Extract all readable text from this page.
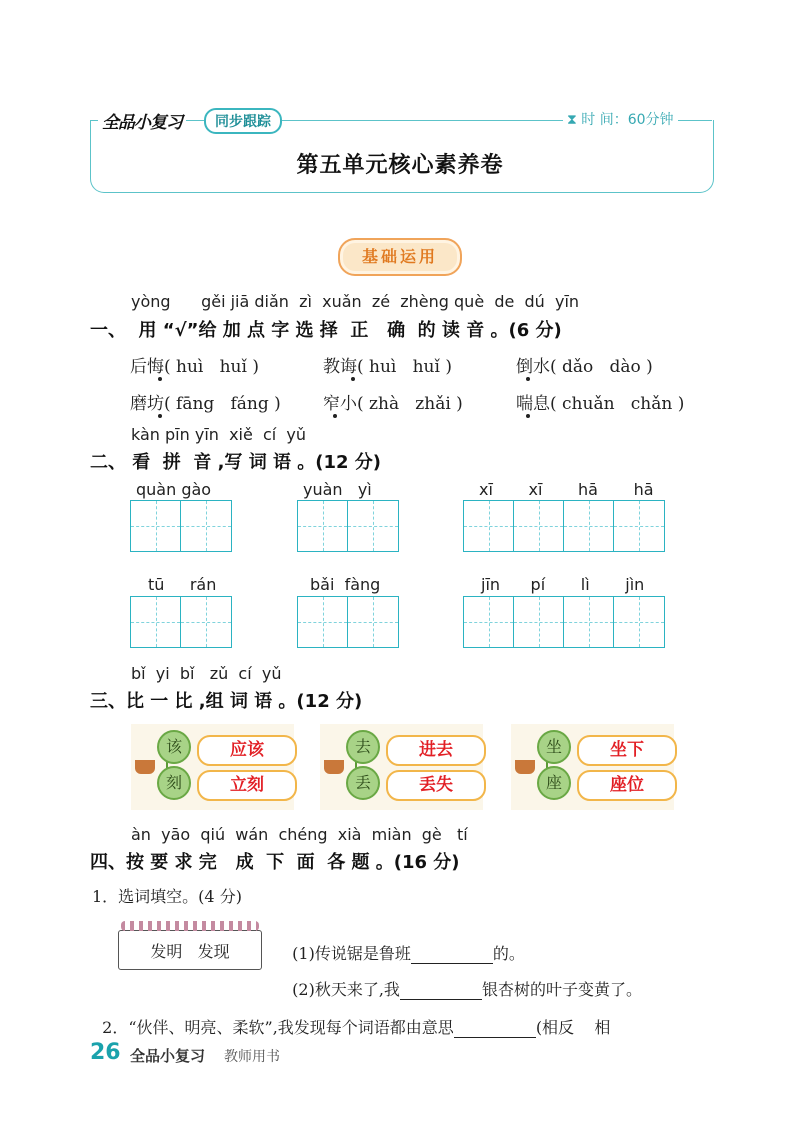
全品小复习	同步跟踪	⧗ 时 间：60分钟
第五单元核心素养卷
基础运用
yòng      gěi jiā diǎn  zì  xuǎn  zé  zhèng què  de  dú  yīn
一、  用 “√”给 加 点 字 选 择  正   确  的 读 音 。(6 分)
后悔( huì   huǐ )	教诲( huì   huǐ )	倒水( dǎo   dào )
磨坊( fāng   fáng ) 窄小( zhà   zhǎi )	喘息( chuǎn   chǎn )
kàn pīn yīn  xiě  cí  yǔ
二、 看  拼  音 ,写 词 语 。(12 分)
quàn gào	yuàn   yì	xī       xī       hā       hā
tū     rán	bǎi  fàng	jīn      pí       lì       jìn
bǐ  yi  bǐ   zǔ  cí  yǔ
三、比 一 比 ,组 词 语 。(12 分)
该
刻
应该
立刻
去
丢
进去
丢失
坐
座
坐下
座位
àn  yāo  qiú  wán  chéng  xià  miàn  gè   tí
四、按 要 求 完   成  下  面  各 题 。(16 分)
1．选词填空。(4 分)
发明   发现	(1)传说锯是鲁班	的。

(2)秋天来了,我	银杏树的叶子变黄了。

2．“伙伴、明亮、柔软”,我发现每个词语都由意思	(相反    相

26 全品小复习 教师用书
